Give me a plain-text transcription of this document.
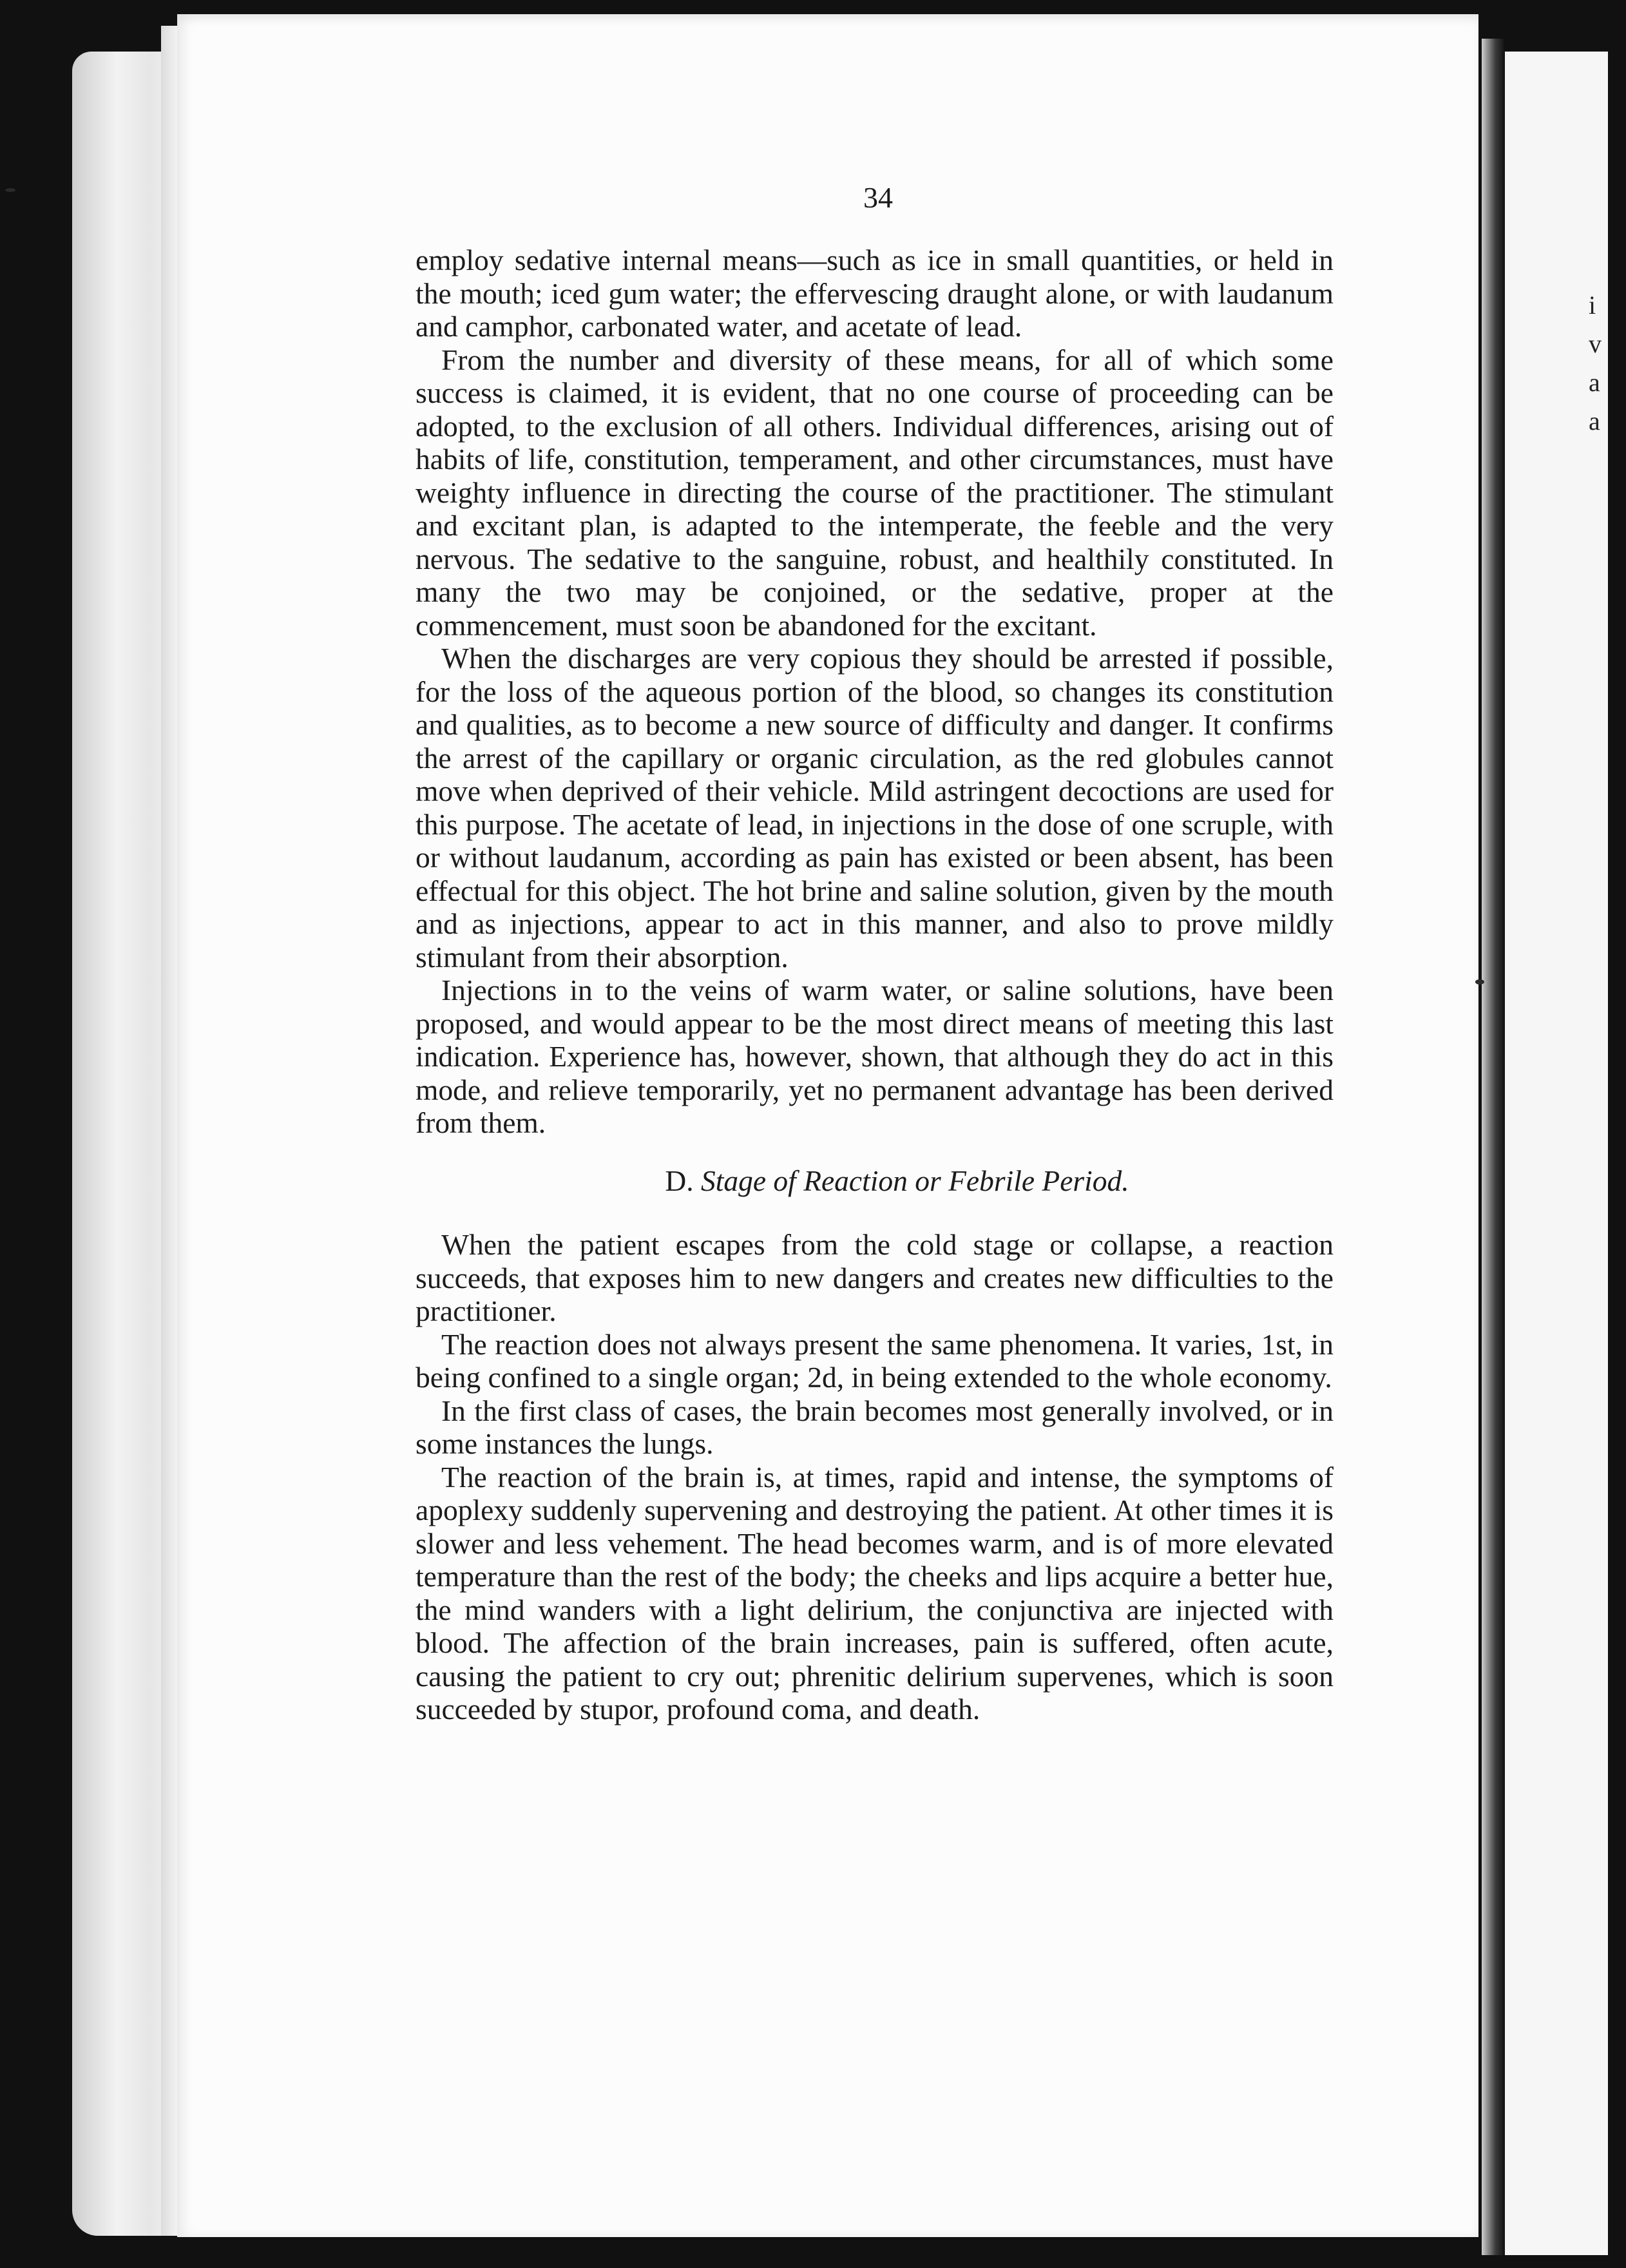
i
v
a
a
34

employ sedative internal means—such as ice in small quantities, or held in the mouth; iced gum water; the effervescing draught alone, or with laudanum and camphor, carbonated water, and acetate of lead.

From the number and diversity of these means, for all of which some success is claimed, it is evident, that no one course of proceeding can be adopted, to the exclusion of all others. Individual differences, arising out of habits of life, constitution, temperament, and other circumstances, must have weighty influence in directing the course of the practitioner. The stimulant and excitant plan, is adapted to the intemperate, the feeble and the very nervous. The sedative to the sanguine, robust, and healthily constituted. In many the two may be conjoined, or the sedative, proper at the commencement, must soon be abandoned for the excitant.

When the discharges are very copious they should be arrested if possible, for the loss of the aqueous portion of the blood, so changes its constitution and qualities, as to become a new source of difficulty and danger. It confirms the arrest of the capillary or organic circulation, as the red globules cannot move when deprived of their vehicle. Mild astringent decoctions are used for this purpose. The acetate of lead, in injections in the dose of one scruple, with or without laudanum, according as pain has existed or been absent, has been effectual for this object. The hot brine and saline solution, given by the mouth and as injections, appear to act in this manner, and also to prove mildly stimulant from their absorption.

Injections in to the veins of warm water, or saline solutions, have been proposed, and would appear to be the most direct means of meeting this last indication. Experience has, however, shown, that although they do act in this mode, and relieve temporarily, yet no permanent advantage has been derived from them.

D. Stage of Reaction or Febrile Period.

When the patient escapes from the cold stage or collapse, a reaction succeeds, that exposes him to new dangers and creates new difficulties to the practitioner.

The reaction does not always present the same phenomena. It varies, 1st, in being confined to a single organ; 2d, in being extended to the whole economy.

In the first class of cases, the brain becomes most generally involved, or in some instances the lungs.

The reaction of the brain is, at times, rapid and intense, the symptoms of apoplexy suddenly supervening and destroying the patient. At other times it is slower and less vehement. The head becomes warm, and is of more elevated temperature than the rest of the body; the cheeks and lips acquire a better hue, the mind wanders with a light delirium, the conjunctiva are injected with blood. The affection of the brain increases, pain is suffered, often acute, causing the patient to cry out; phrenitic delirium supervenes, which is soon succeeded by stupor, profound coma, and death.
